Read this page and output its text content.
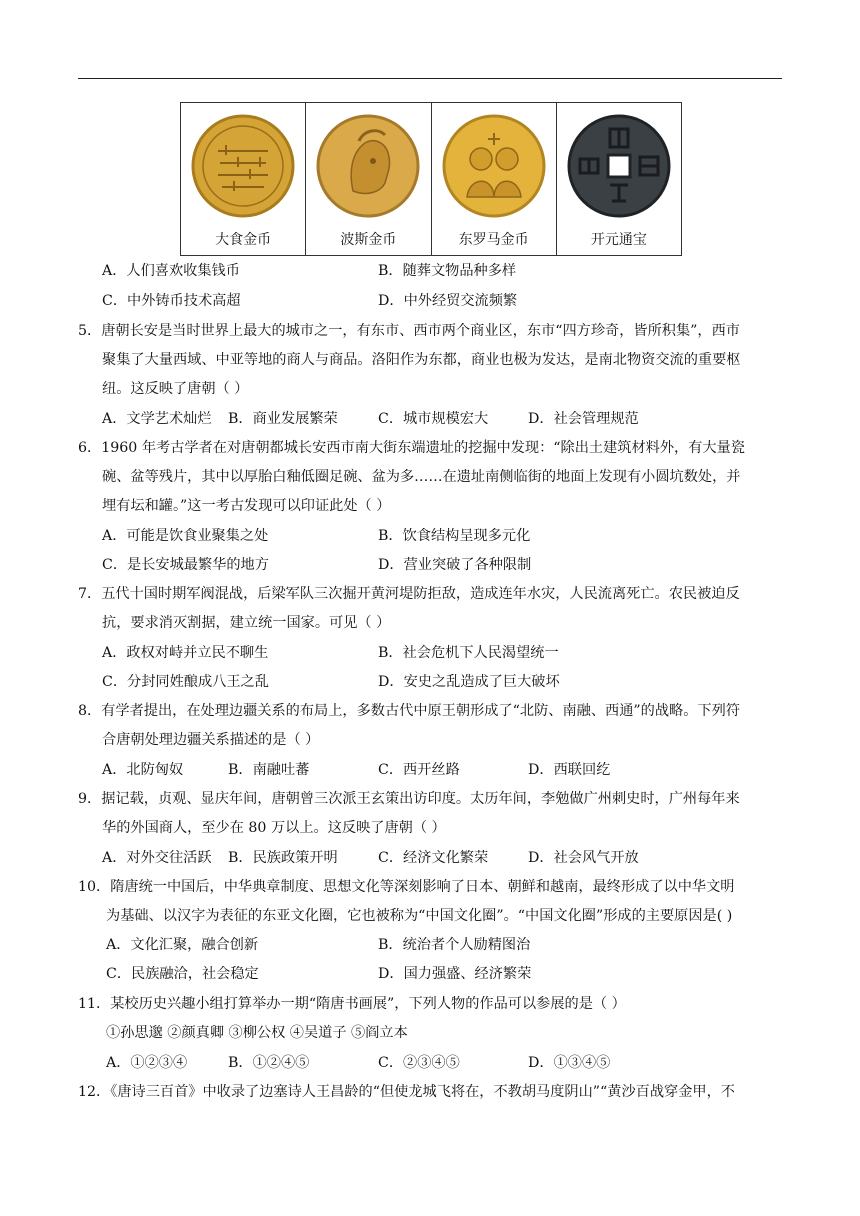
大食金币	波斯金币	东罗马金币	开元通宝
A．人们喜欢收集钱币	B．随葬文物品种多样
C．中外铸币技术高超	D．中外经贸交流频繁
5．唐朝长安是当时世界上最大的城市之一，有东市、西市两个商业区，东市“四方珍奇，皆所积集”，西市
聚集了大量西域、中亚等地的商人与商品。洛阳作为东都，商业也极为发达，是南北物资交流的重要枢
纽。这反映了唐朝（ ）
A．文学艺术灿烂 B．商业发展繁荣	C．城市规模宏大	D．社会管理规范
6．1960 年考古学者在对唐朝都城长安西市南大街东端遗址的挖掘中发现：“除出土建筑材料外，有大量瓷
碗、盆等残片，其中以厚胎白釉低圈足碗、盆为多……在遗址南侧临街的地面上发现有小圆坑数处，并
埋有坛和罐。”这一考古发现可以印证此处（ ）
A．可能是饮食业聚集之处	B．饮食结构呈现多元化
C．是长安城最繁华的地方	D．营业突破了各种限制
7．五代十国时期军阀混战，后梁军队三次掘开黄河堤防拒敌，造成连年水灾，人民流离死亡。农民被迫反
抗，要求消灭割据，建立统一国家。可见（ ）
A．政权对峙并立民不聊生	B．社会危机下人民渴望统一
C．分封同姓酿成八王之乱	D．安史之乱造成了巨大破坏
8．有学者提出，在处理边疆关系的布局上，多数古代中原王朝形成了“北防、南融、西通”的战略。下列符
合唐朝处理边疆关系描述的是（ ）
A．北防匈奴	B．南融吐蕃	C．西开丝路	D．西联回纥
9．据记载，贞观、显庆年间，唐朝曾三次派王玄策出访印度。太历年间，李勉做广州刺史时，广州每年来
华的外国商人，至少在 80 万以上。这反映了唐朝（ ）
A．对外交往活跃 B．民族政策开明	C．经济文化繁荣	D．社会风气开放
10．隋唐统一中国后，中华典章制度、思想文化等深刻影响了日本、朝鲜和越南，最终形成了以中华文明
为基础、以汉字为表征的东亚文化圈，它也被称为“中国文化圈”。“中国文化圈”形成的主要原因是( )
A．文化汇聚，融合创新	B．统治者个人励精图治
C．民族融洽，社会稳定	D．国力强盛、经济繁荣
11．某校历史兴趣小组打算举办一期“隋唐书画展”，下列人物的作品可以参展的是（ ）
①孙思邈 ②颜真卿 ③柳公权 ④吴道子 ⑤阎立本
A．①②③④	B．①②④⑤	C．②③④⑤	D．①③④⑤
12．《唐诗三百首》中收录了边塞诗人王昌龄的“但使龙城飞将在，不教胡马度阴山”“黄沙百战穿金甲，不
